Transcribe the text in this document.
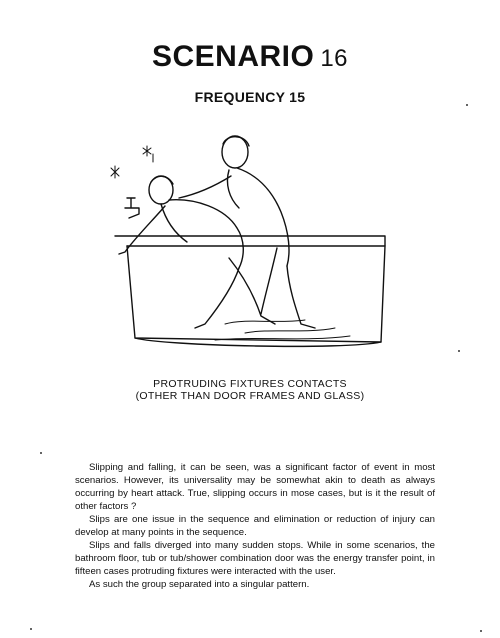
SCENARIO 16
FREQUENCY 15
PROTRUDING FIXTURES CONTACTS
(OTHER THAN DOOR FRAMES AND GLASS)

Slipping and falling, it can be seen, was a significant factor of event in most scenarios. However, its universality may be somewhat akin to death as always occurring by heart attack. True, slipping occurs in mose cases, but is it the result of other factors ?

Slips are one issue in the sequence and elimination or reduction of injury can develop at many points in the sequence.

Slips and falls diverged into many sudden stops. While in some scenarios, the bathroom floor, tub or tub/shower combination door was the energy transfer point, in fifteen cases protruding fixtures were interacted with the user.

As such the group separated into a singular pattern.
